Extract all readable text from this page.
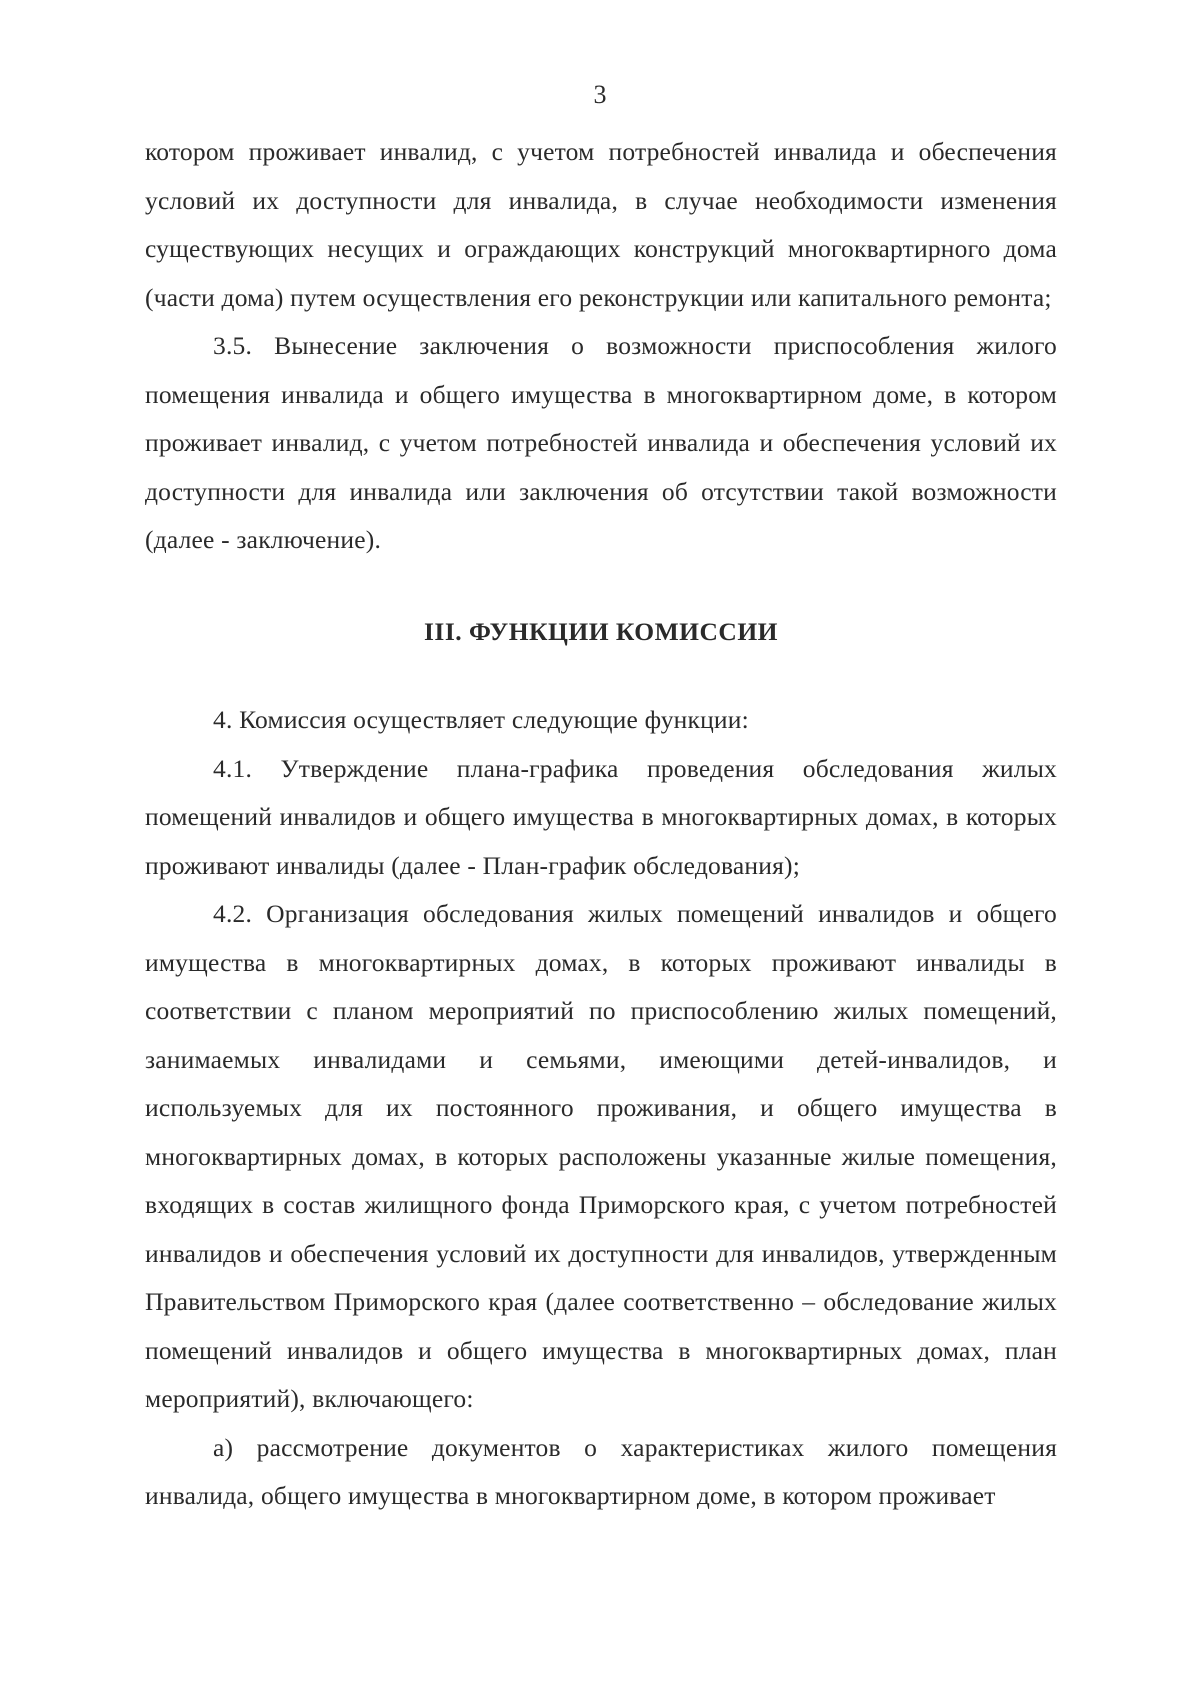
3

котором проживает инвалид, с учетом потребностей инвалида и обеспечения условий их доступности для инвалида, в случае необходимости изменения существующих несущих и ограждающих конструкций многоквартирного дома (части дома) путем осуществления его реконструкции или капитального ремонта;

3.5. Вынесение заключения о возможности приспособления жилого помещения инвалида и общего имущества в многоквартирном доме, в котором проживает инвалид, с учетом потребностей инвалида и обеспечения условий их доступности для инвалида или заключения об отсутствии такой возможности (далее - заключение).

III. ФУНКЦИИ КОМИССИИ

4. Комиссия осуществляет следующие функции:

4.1. Утверждение плана-графика проведения обследования жилых помещений инвалидов и общего имущества в многоквартирных домах, в которых проживают инвалиды (далее - План-график обследования);

4.2. Организация обследования жилых помещений инвалидов и общего имущества в многоквартирных домах, в которых проживают инвалиды в соответствии с планом мероприятий по приспособлению жилых помещений, занимаемых инвалидами и семьями, имеющими детей-инвалидов, и используемых для их постоянного проживания, и общего имущества в многоквартирных домах, в которых расположены указанные жилые помещения, входящих в состав жилищного фонда Приморского края, с учетом потребностей инвалидов и обеспечения условий их доступности для инвалидов, утвержденным Правительством Приморского края (далее соответственно – обследование жилых помещений инвалидов и общего имущества в многоквартирных домах, план мероприятий), включающего:

а) рассмотрение документов о характеристиках жилого помещения инвалида, общего имущества в многоквартирном доме, в котором проживает
